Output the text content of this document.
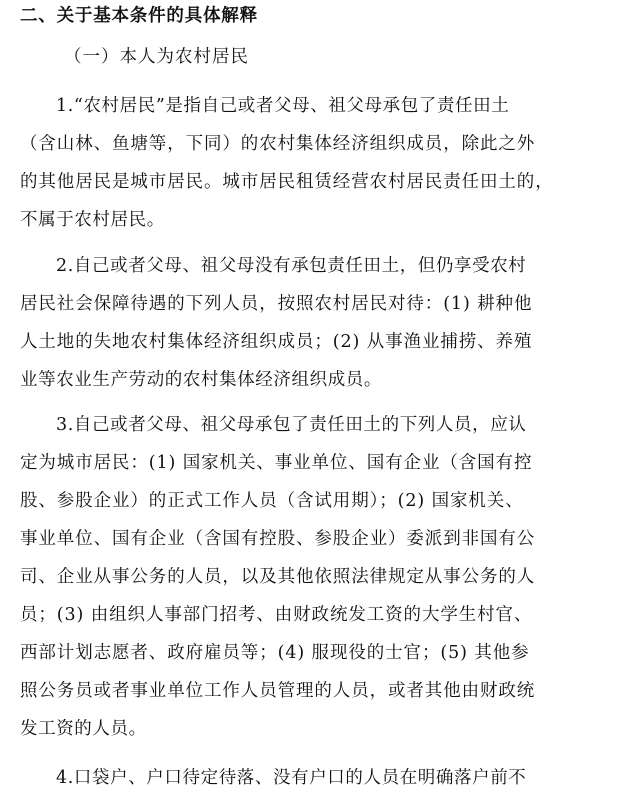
二、关于基本条件的具体解释
（一）本人为农村居民
1.“农村居民”是指自己或者父母、祖父母承包了责任田土
（含山林、鱼塘等，下同）的农村集体经济组织成员，除此之外
的其他居民是城市居民。城市居民租赁经营农村居民责任田土的，
不属于农村居民。
2.自己或者父母、祖父母没有承包责任田土，但仍享受农村
居民社会保障待遇的下列人员，按照农村居民对待：(1) 耕种他
人土地的失地农村集体经济组织成员；(2) 从事渔业捕捞、养殖
业等农业生产劳动的农村集体经济组织成员。
3.自己或者父母、祖父母承包了责任田土的下列人员，应认
定为城市居民：(1) 国家机关、事业单位、国有企业（含国有控
股、参股企业）的正式工作人员（含试用期）；(2) 国家机关、
事业单位、国有企业（含国有控股、参股企业）委派到非国有公
司、企业从事公务的人员，以及其他依照法律规定从事公务的人
员；(3) 由组织人事部门招考、由财政统发工资的大学生村官、
西部计划志愿者、政府雇员等；(4) 服现役的士官；(5) 其他参
照公务员或者事业单位工作人员管理的人员，或者其他由财政统
发工资的人员。
4.口袋户、户口待定待落、没有户口的人员在明确落户前不
